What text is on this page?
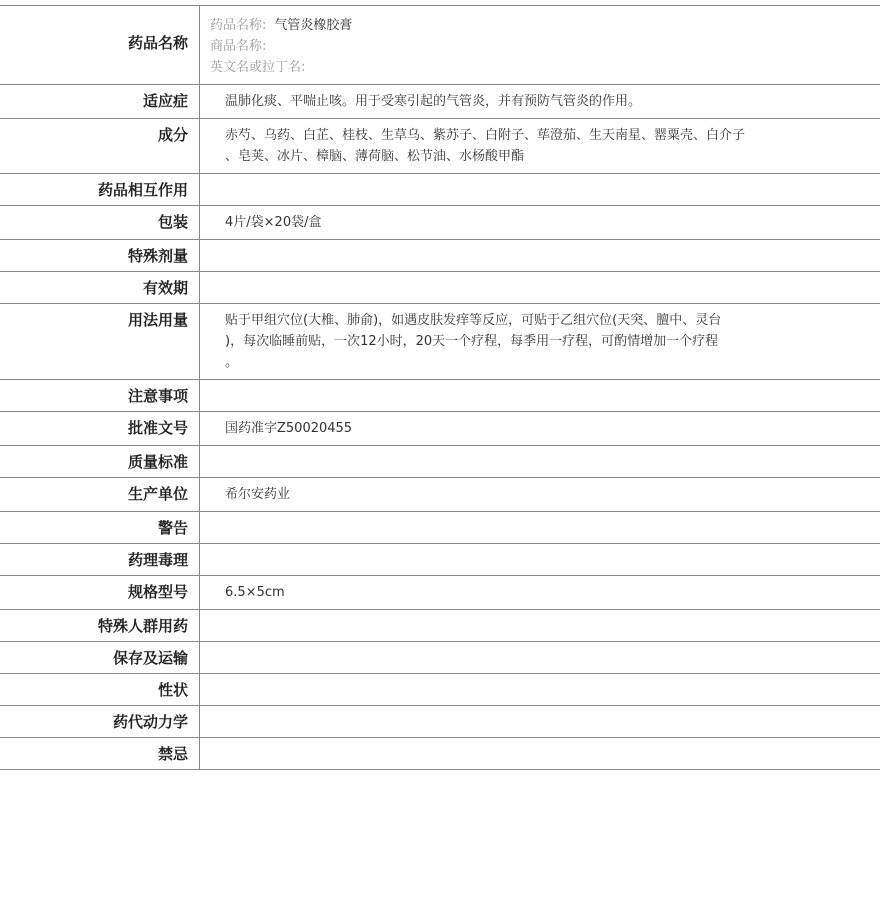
药品名称
药品名称: 气管炎橡胶膏
商品名称:
英文名或拉丁名:
适应症	温肺化痰、平喘止咳。用于受寒引起的气管炎，并有预防气管炎的作用。
成分	赤芍、乌药、白芷、桂枝、生草乌、紫苏子、白附子、荜澄茄、生天南星、罂粟壳、白介子
、皂荚、冰片、樟脑、薄荷脑、松节油、水杨酸甲酯
药品相互作用
包装	4片/袋×20袋/盒
特殊剂量
有效期
用法用量	贴于甲组穴位(大椎、肺俞)，如遇皮肤发痒等反应，可贴于乙组穴位(天突、膻中、灵台
)，每次临睡前贴，一次12小时，20天一个疗程，每季用一疗程，可酌情增加一个疗程
。
注意事项
批准文号	国药准字Z50020455
质量标准
生产单位	希尔安药业
警告
药理毒理
规格型号	6.5×5cm
特殊人群用药
保存及运输
性状
药代动力学
禁忌
